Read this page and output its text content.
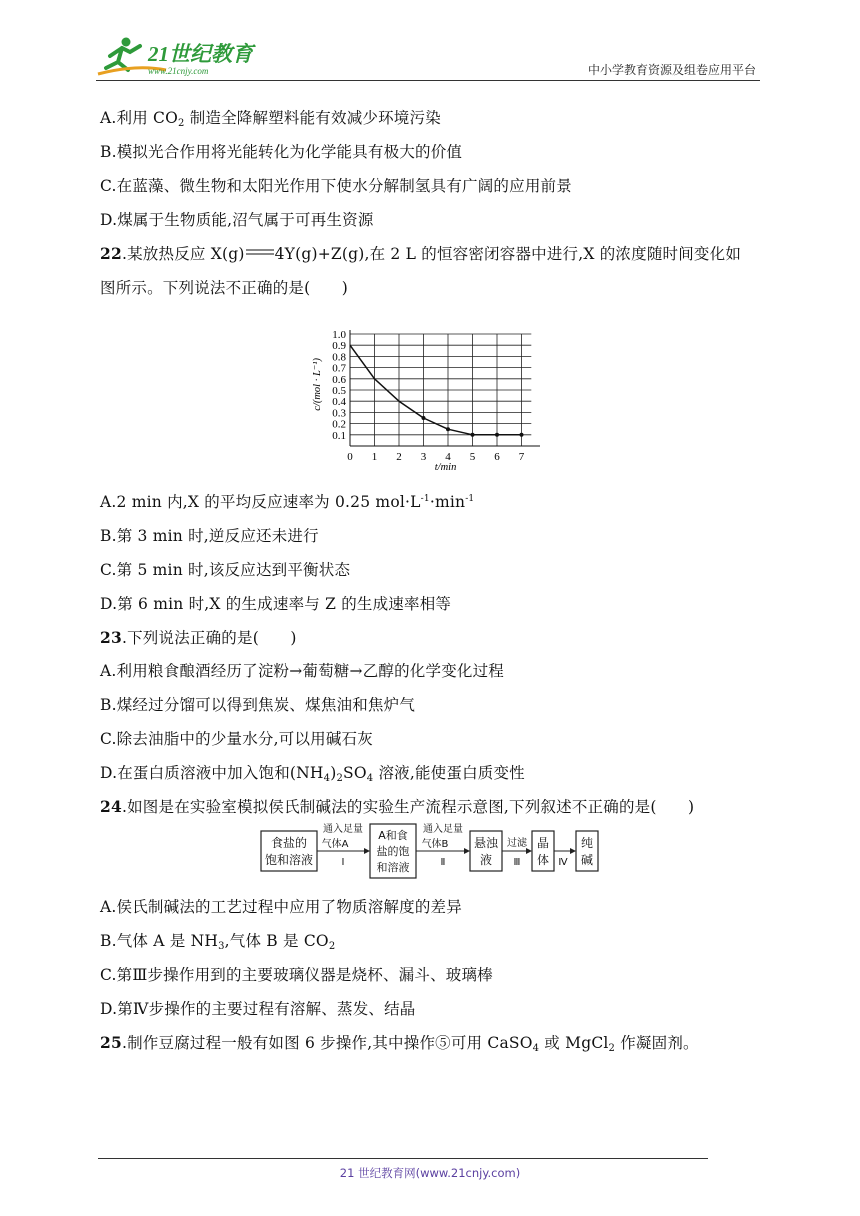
21世纪教育
www.21cnjy.com	中小学教育资源及组卷应用平台
A.利用 $CO_2$ 制造全降解塑料能有效减少环境污染
B.模拟光合作用将光能转化为化学能具有极大的价值
C.在蓝藻、微生物和太阳光作用下使水分解制氢具有广阔的应用前景
D.煤属于生物质能,沼气属于可再生资源
22.某放热反应 X(g) 4Y(g)+Z(g),在 2 L 的恒容密闭容器中进行,X 的浓度随时间变化如
图所示。下列说法不正确的是(　　)
0.1
0.2
0.3
0.4
0.5
0.6
0.7
0.8
0.9
1.0
0 1 2 3 4 5 6 7
c/(mol · L⁻¹)
t/min
A.2 min 内,X 的平均反应速率为 0.25 $mol\cdot L^{-1}\cdot\min^{-1}$
B.第 3 min 时,逆反应还未进行
C.第 5 min 时,该反应达到平衡状态
D.第 6 min 时,X 的生成速率与 Z 的生成速率相等
23.下列说法正确的是(　　)
A.利用粮食酿酒经历了淀粉→葡萄糖→乙醇的化学变化过程
B.煤经过分馏可以得到焦炭、煤焦油和焦炉气
C.除去油脂中的少量水分,可以用碱石灰
D.在蛋白质溶液中加入饱和$(NH_4)_2SO_4$ 溶液,能使蛋白质变性
24.如图是在实验室模拟侯氏制碱法的实验生产流程示意图,下列叙述不正确的是(　　)
食盐的
饱和溶液
通入足量
气体A
Ⅰ
A和食
盐的饱
和溶液
通入足量
气体B
Ⅱ
悬浊
液
过滤
Ⅲ
晶
体 Ⅳ
纯
碱
A.侯氏制碱法的工艺过程中应用了物质溶解度的差异
B.气体 A 是 $NH_3$,气体 B 是 $CO_2$
C.第Ⅲ步操作用到的主要玻璃仪器是烧杯、漏斗、玻璃棒
D.第Ⅳ步操作的主要过程有溶解、蒸发、结晶
25.制作豆腐过程一般有如图 6 步操作,其中操作⑤可用 CaSO$_4$ 或 MgCl$_2$ 作凝固剂。
21 世纪教育网(www.21cnjy.com)
